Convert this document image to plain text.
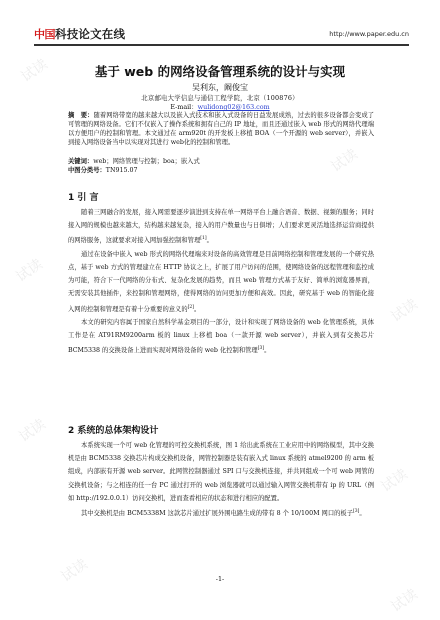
试读
试读
试读
试读
试读
试读
试读
试读
中国 科技论文在线	http://www.paper.edu.cn
基于 web 的网络设备管理系统的设计与实现
吴利东，阚俊宝
北京邮电大学信息与通信工程学院，北京（100876）
E-mail：wulidong02@163.com
摘　要：随着网络带宽的越来越大以及嵌入式技术和嵌入式设备的日益发展成熟，过去的很多设备都会变成了可管理的网络设备。它们不仅嵌入了操作系统和拥有自己的 IP 地址，而且还通过嵌入 web 形式的网络代理端以方便用户的控制和管理。本文通过在 arm920t 的开发板上移植 BOA（一个开源的 web server），并嵌入到接入网络设备当中以实现对其进行 web化的控制和管理。
关键词：web；网络管理与控制；boa；嵌入式
中图分类号：TN915.07
1 引 言

随着三网融合的发展，接入网需要逐步演进到支持在单一网络平台上融合语音、数据、视频的服务；同时接入网的规模也越来越大，结构越来越复杂，接入的用户数量也与日俱增；人们要求更灵活地选择运营商提供的网络服务，这就要求对接入网加强控制和管理[1]。

通过在设备中嵌入 web 形式的网络代理端来对设备的高效管理是目前网络控制和管理发展的一个研究热点，基于 web 方式的管理建立在 HTTP 协议之上，扩展了用户访问的范围，使网络设备的远程管理和监控成为可能，符合下一代网络的分布式、复杂化发展的趋势，而且 web 管理方式基于友好、简单的浏览器界面，无需安装其他插件，来控制和管理网络，使得网络的访问更加方便和高效。因此，研究基于 web 的智能化接入网的控制和管理是有着十分重要的意义的[2]。

本文的研究内容属于国家自然科学基金项目的一部分，设计和实现了网络设备的 web 化管理系统，具体工作是在 AT91RM9200arm 板的 linux 上移植 boa（一款开源 web server），并嵌入到有交换芯片 BCM5338 的交换设备上进而实现对网络设备的 web 化控制和管理[3]。

2 系统的总体架构设计

本系统实现一个可 web 化管理的可控交换机系统，图 1 给出此系统在工业应用中的网络模型，其中交换机是由 BCM5338 交换芯片构成交换机设备，网管控制器是装有嵌入式 linux 系统的 atmel9200 的 arm 板组成，内部嵌有开源 web server。此网管控制器通过 SPI 口与交换机连接，并共同组成一个可 web 网管的交换机设备；与之相连的任一台 PC 通过打开的 web 浏览器就可以通过输入网管交换机带有 ip 的 URL（例如 http://192.0.0.1）访问交换机，进而查看相应的状态和进行相应的配置。

其中交换机是由 BCM5338M 这款芯片通过扩展外围电路生成的带有 8 个 10/100M 网口的板子[3]。

-1-
